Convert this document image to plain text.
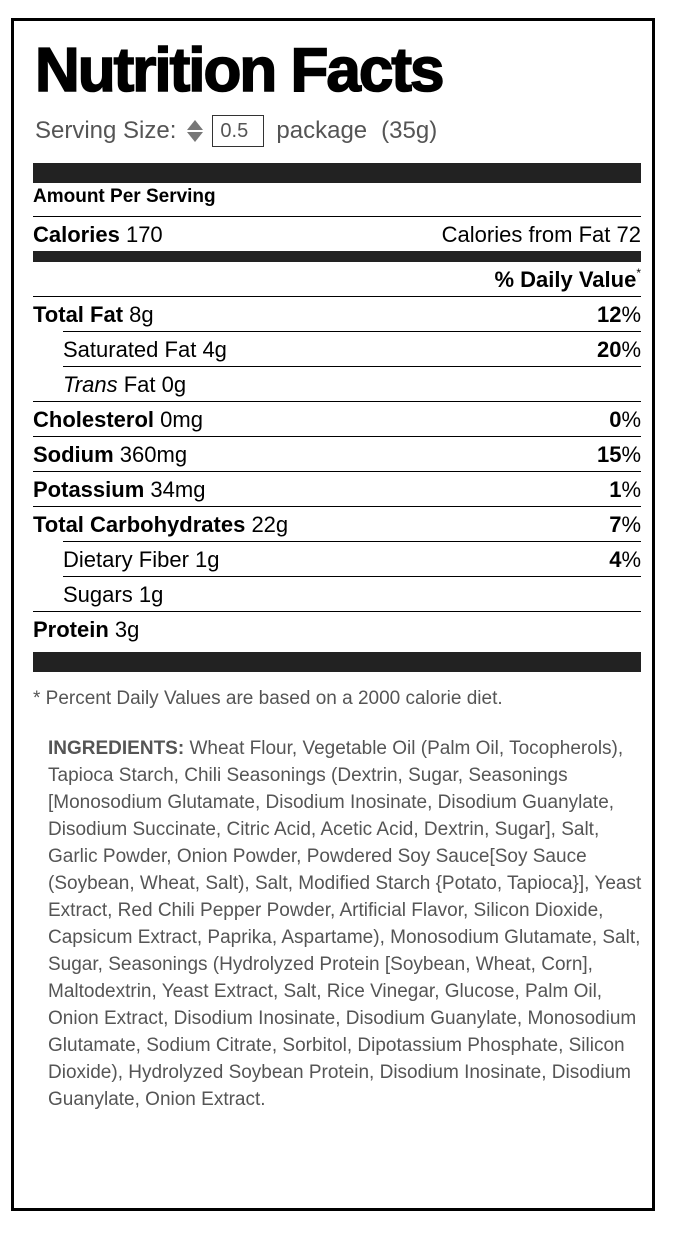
Nutrition Facts
Serving Size:
0.5	package (35g)
Amount Per Serving
Calories 170	Calories from Fat 72
% Daily Value*
Total Fat 8g	12%
Saturated Fat 4g	20%
Trans Fat 0g
Cholesterol 0mg	0%
Sodium 360mg	15%
Potassium 34mg	1%
Total Carbohydrates 22g	7%
Dietary Fiber 1g	4%
Sugars 1g
Protein 3g
* Percent Daily Values are based on a 2000 calorie diet.
INGREDIENTS: Wheat Flour, Vegetable Oil (Palm Oil, Tocopherols), Tapioca Starch, Chili Seasonings (Dextrin, Sugar, Seasonings [Monosodium Glutamate, Disodium Inosinate, Disodium Guanylate, Disodium Succinate, Citric Acid, Acetic Acid, Dextrin, Sugar], Salt, Garlic Powder, Onion Powder, Powdered Soy Sauce[Soy Sauce (Soybean, Wheat, Salt), Salt, Modified Starch {Potato, Tapioca}], Yeast Extract, Red Chili Pepper Powder, Artificial Flavor, Silicon Dioxide, Capsicum Extract, Paprika, Aspartame), Monosodium Glutamate, Salt, Sugar, Seasonings (Hydrolyzed Protein [Soybean, Wheat, Corn], Maltodextrin, Yeast Extract, Salt, Rice Vinegar, Glucose, Palm Oil, Onion Extract, Disodium Inosinate, Disodium Guanylate, Monosodium Glutamate, Sodium Citrate, Sorbitol, Dipotassium Phosphate, Silicon Dioxide), Hydrolyzed Soybean Protein, Disodium Inosinate, Disodium Guanylate, Onion Extract.
